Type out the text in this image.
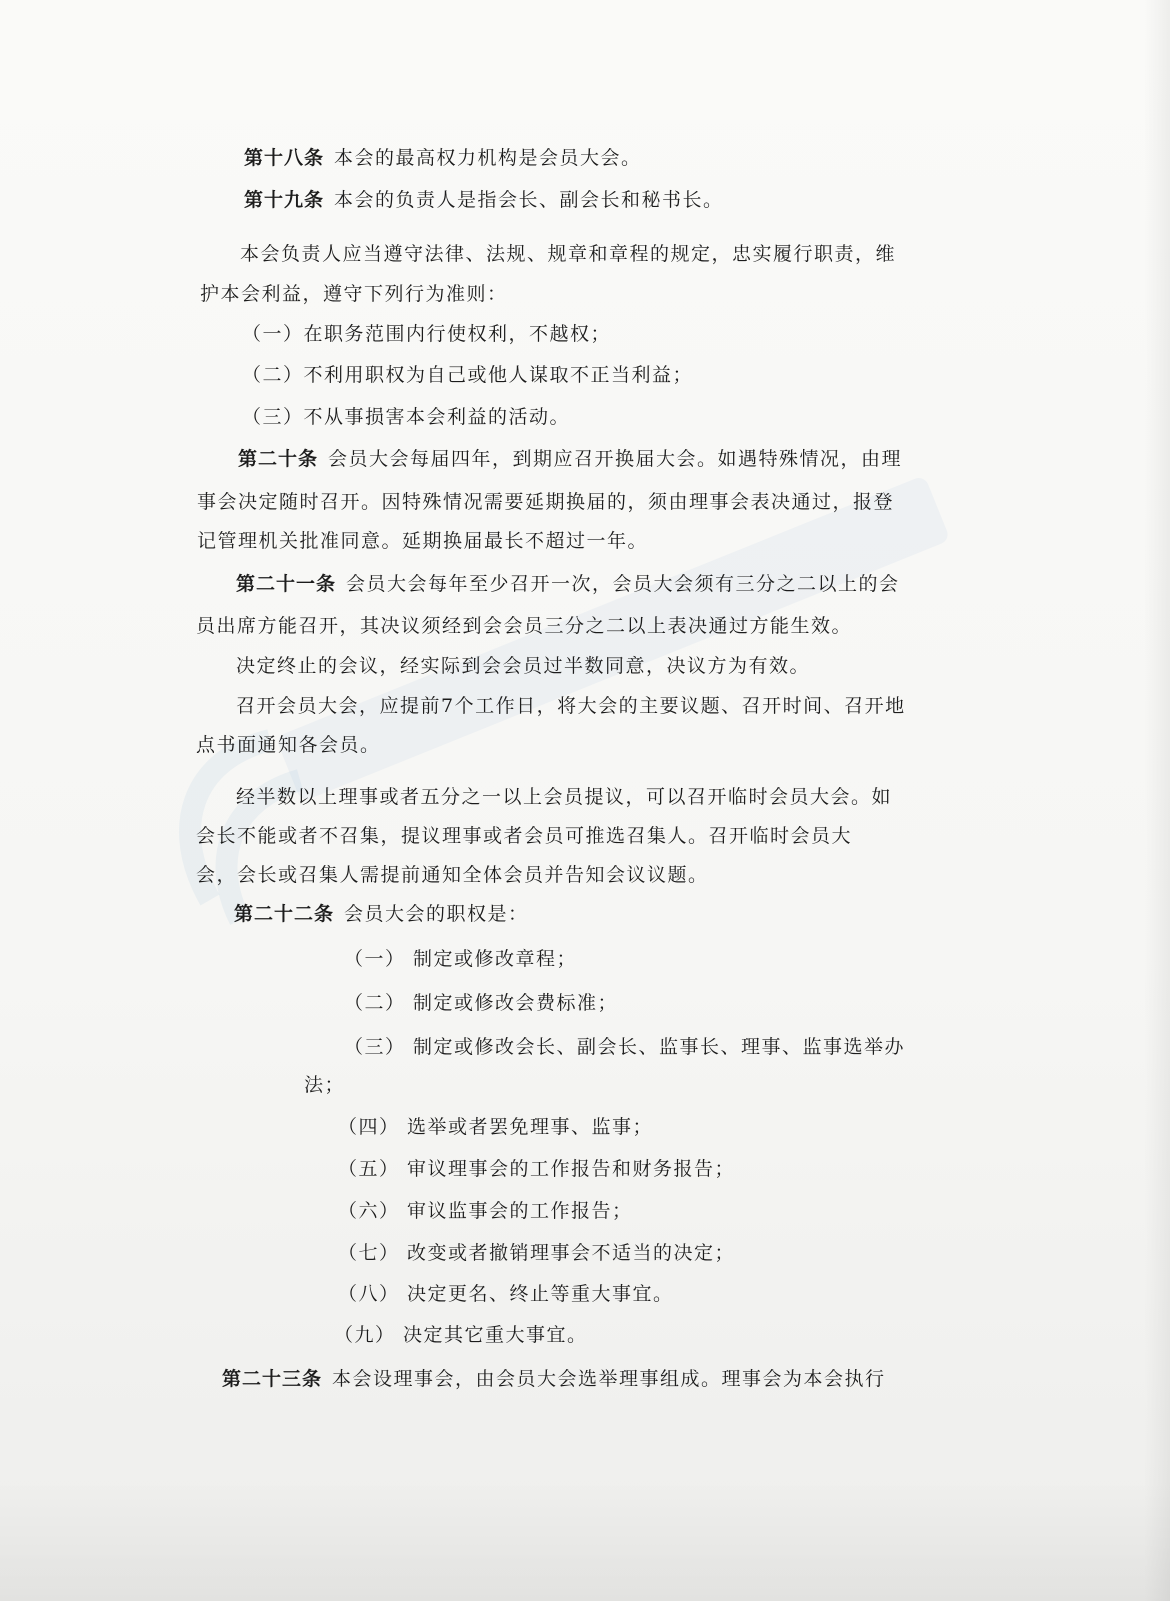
第十八条 本会的最高权力机构是会员大会。
第十九条 本会的负责人是指会长、副会长和秘书长。
本会负责人应当遵守法律、法规、规章和章程的规定，忠实履行职责，维
护本会利益，遵守下列行为准则：
（一）在职务范围内行使权利，不越权；
（二）不利用职权为自己或他人谋取不正当利益；
（三）不从事损害本会利益的活动。
第二十条 会员大会每届四年，到期应召开换届大会。如遇特殊情况，由理
事会决定随时召开。因特殊情况需要延期换届的，须由理事会表决通过，报登
记管理机关批准同意。延期换届最长不超过一年。
第二十一条 会员大会每年至少召开一次，会员大会须有三分之二以上的会
员出席方能召开，其决议须经到会会员三分之二以上表决通过方能生效。
决定终止的会议，经实际到会会员过半数同意，决议方为有效。
召开会员大会，应提前7个工作日，将大会的主要议题、召开时间、召开地
点书面通知各会员。
经半数以上理事或者五分之一以上会员提议，可以召开临时会员大会。如
会长不能或者不召集，提议理事或者会员可推选召集人。召开临时会员大
会，会长或召集人需提前通知全体会员并告知会议议题。
第二十二条 会员大会的职权是：
（一） 制定或修改章程；
（二） 制定或修改会费标准；
（三） 制定或修改会长、副会长、监事长、理事、监事选举办
法；
（四） 选举或者罢免理事、监事；
（五） 审议理事会的工作报告和财务报告；
（六） 审议监事会的工作报告；
（七） 改变或者撤销理事会不适当的决定；
（八） 决定更名、终止等重大事宜。
（九） 决定其它重大事宜。
第二十三条 本会设理事会，由会员大会选举理事组成。理事会为本会执行
